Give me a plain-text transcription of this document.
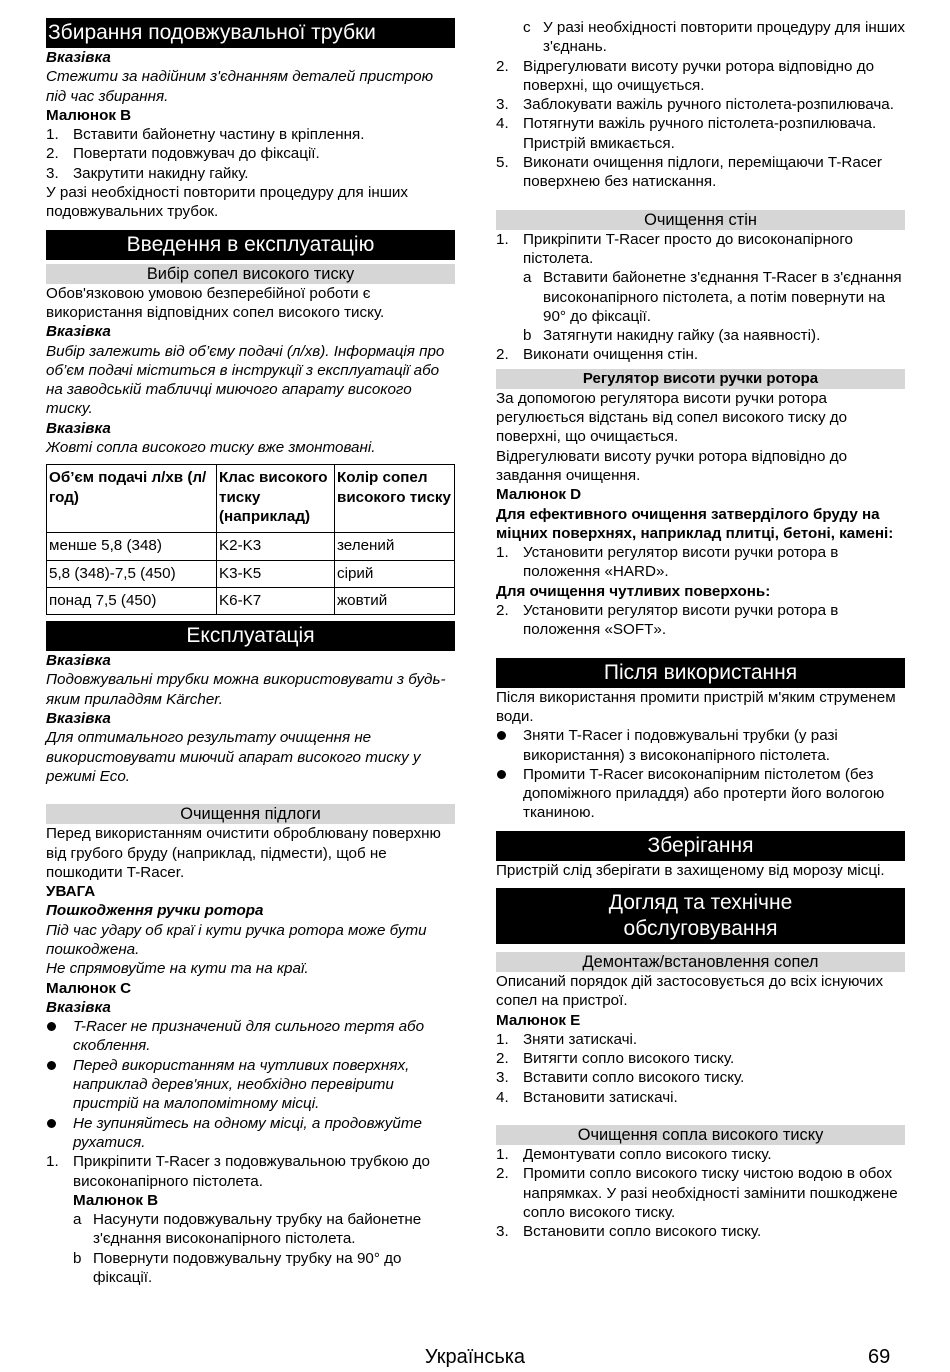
Збирання подовжувальної трубки

Вказівка

Стежити за надійним з'єднанням деталей пристрою під час збирання.

Малюнок B

1. Вставити байонетну частину в кріплення.
2. Повертати подовжувач до фіксації.
3. Закрутити накидну гайку.

У разі необхідності повторити процедуру для інших подовжувальних трубок.

Введення в експлуатацію
Вибір сопел високого тиску

Обов'язковою умовою безперебійної роботи є використання відповідних сопел високого тиску.

Вказівка

Вибір залежить від об’єму подачі (л/хв). Інформація про об’єм подачі міститься в інструкції з експлуатації або на заводській табличці миючого апарату високого тиску.

Вказівка

Жовті сопла високого тиску вже змонтовані.

Об’єм подачі л/хв (л/год)	Клас високого тиску (наприклад)	Колір сопел високого тиску
менше 5,8 (348)	K2-K3	зелений
5,8 (348)-7,5 (450)	K3-K5	сірий
понад 7,5 (450)	K6-K7	жовтий
Експлуатація

Вказівка

Подовжувальні трубки можна використовувати з будь-яким приладдям Kärcher.

Вказівка

Для оптимального результату очищення не використовувати миючий апарат високого тиску у режимі Eco.

Очищення підлоги

Перед використанням очистити оброблювану поверхню від грубого бруду (наприклад, підмести), щоб не пошкодити T-Racer.

УВАГА

Пошкодження ручки ротора

Під час удару об краї і кути ручка ротора може бути пошкоджена.

Не спрямовуйте на кути та на краї.

Малюнок C

Вказівка

T-Racer не призначений для сильного тертя або скоблення.
Перед використанням на чутливих поверхнях, наприклад дерев'яних, необхідно перевірити пристрій на малопомітному місці.
Не зупиняйтесь на одному місці, а продовжуйте рухатися.
1. Прикріпити T-Racer з подовжувальною трубкою до високонапірного пістолета.
Малюнок B
a Насунути подовжувальну трубку на байонетне з'єднання високонапірного пістолета.
b Повернути подовжувальну трубку на 90° до фіксації.
c У разі необхідності повторити процедуру для інших з'єднань.
2. Відрегулювати висоту ручки ротора відповідно до поверхні, що очищується.
3. Заблокувати важіль ручного пістолета-розпилювача.
4. Потягнути важіль ручного пістолета-розпилювача.
Пристрій вмикається.
5. Виконати очищення підлоги, переміщаючи T-Racer поверхнею без натискання.
Очищення стін
1. Прикріпити T-Racer просто до високонапірного пістолета.
a Вставити байонетне з'єднання T-Racer в з'єднання високонапірного пістолета, а потім повернути на 90° до фіксації.
b Затягнути накидну гайку (за наявності).
2. Виконати очищення стін.
Регулятор висоти ручки ротора

За допомогою регулятора висоти ручки ротора регулюється відстань від сопел високого тиску до поверхні, що очищається.

Відрегулювати висоту ручки ротора відповідно до завдання очищення.

Малюнок D

Для ефективного очищення затверділого бруду на міцних поверхнях, наприклад плитці, бетоні, камені:

1. Установити регулятор висоти ручки ротора в положення «HARD».

Для очищення чутливих поверхонь:

2. Установити регулятор висоти ручки ротора в положення «SOFT».
Після використання

Після використання промити пристрій м'яким струменем води.

Зняти T-Racer і подовжувальні трубки (у разі використання) з високонапірного пістолета.
Промити T-Racer високонапірним пістолетом (без допоміжного приладдя) або протерти його вологою тканиною.
Зберігання

Пристрій слід зберігати в захищеному від морозу місці.

Догляд та технічне
обслуговування
Демонтаж/встановлення сопел

Описаний порядок дій застосовується до всіх існуючих сопел на пристрої.

Малюнок E

1. Зняти затискачі.
2. Витягти сопло високого тиску.
3. Вставити сопло високого тиску.
4. Встановити затискачі.
Очищення сопла високого тиску
1. Демонтувати сопло високого тиску.
2. Промити сопло високого тиску чистою водою в обох напрямках. У разі необхідності замінити пошкоджене сопло високого тиску.
3. Встановити сопло високого тиску.
Українська	69
